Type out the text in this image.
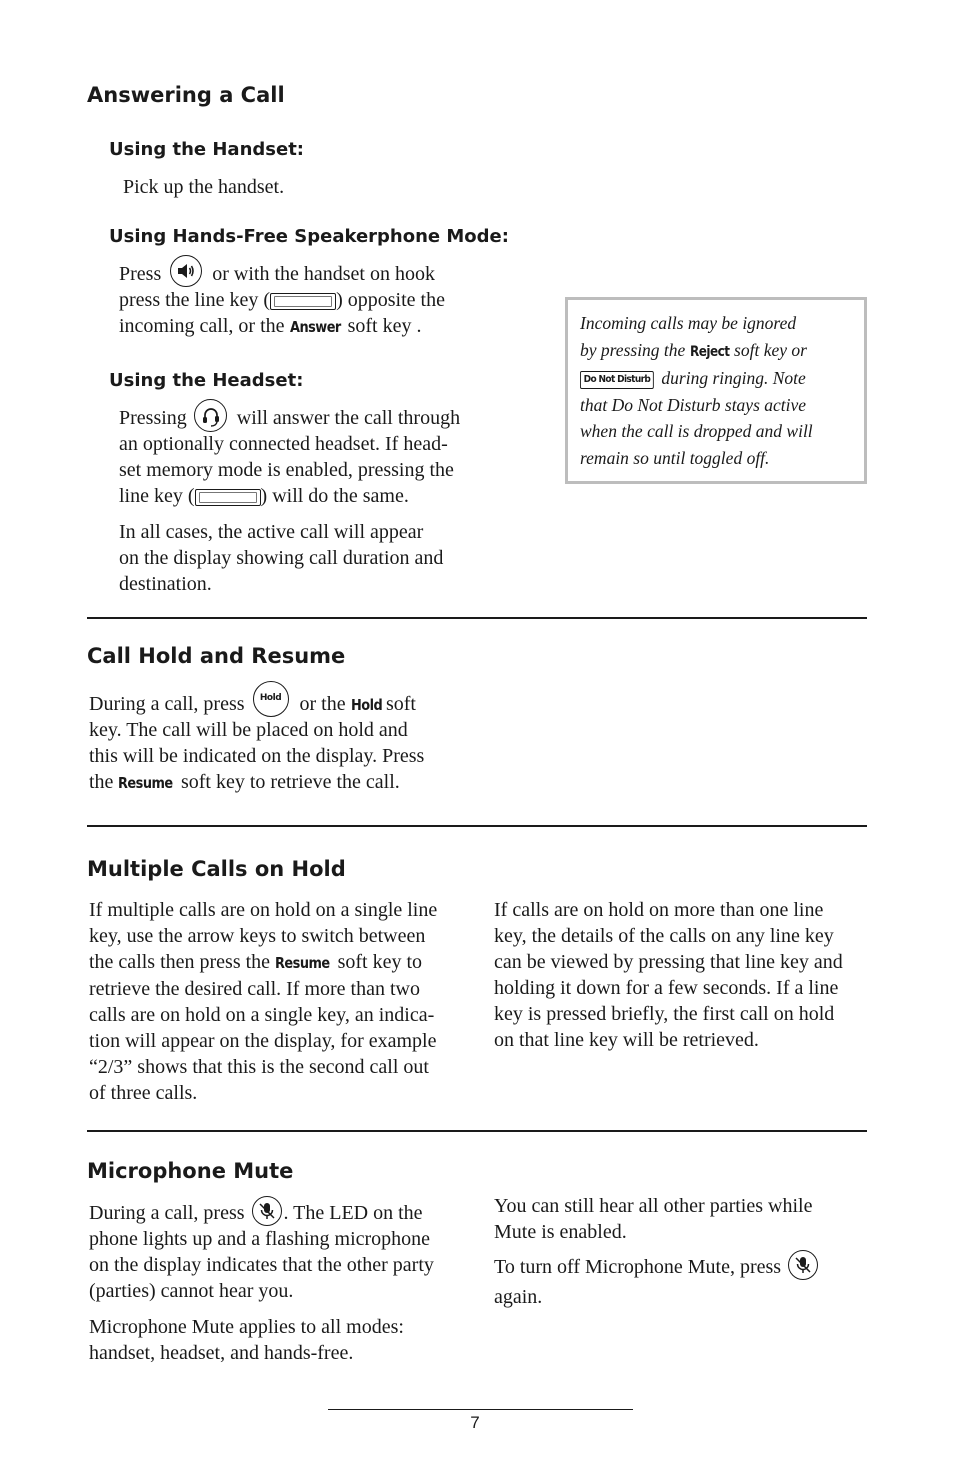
Answering a Call
Using the Handset:

Pick up the handset.

Using Hands-Free Speakerphone Mode:
Press
or with the handset on hook
press the line key (	) opposite the
incoming call, or the Answer soft key .
Using the Headset:
Pressing
will answer the call through
an optionally connected headset. If head-
set memory mode is enabled, pressing the
line key (	) will do the same.
In all cases, the active call will appear
on the display showing call duration and
destination.
Incoming calls may be ignored
by pressing the Reject soft key or
Do Not Disturb during ringing. Note
that Do Not Disturb stays active
when the call is dropped and will
remain so until toggled off.
Call Hold and Resume
During a call, press Hold or the Hold soft
key. The call will be placed on hold and
this will be indicated on the display. Press
the Resume soft key to retrieve the call.
Multiple Calls on Hold
If multiple calls are on hold on a single line
key, use the arrow keys to switch between
the calls then press the Resume soft key to
retrieve the desired call. If more than two
calls are on hold on a single key, an indica-
tion will appear on the display, for example
“2/3” shows that this is the second call out
of three calls.
If calls are on hold on more than one line
key, the details of the calls on any line key
can be viewed by pressing that line key and
holding it down for a few seconds. If a line
key is pressed briefly, the first call on hold
on that line key will be retrieved.
Microphone Mute
During a call, press
. The LED on the
phone lights up and a flashing microphone
on the display indicates that the other party
(parties) cannot hear you.
Microphone Mute applies to all modes:
handset, headset, and hands-free.
You can still hear all other parties while
Mute is enabled.
To turn off Microphone Mute, press
again.
7
